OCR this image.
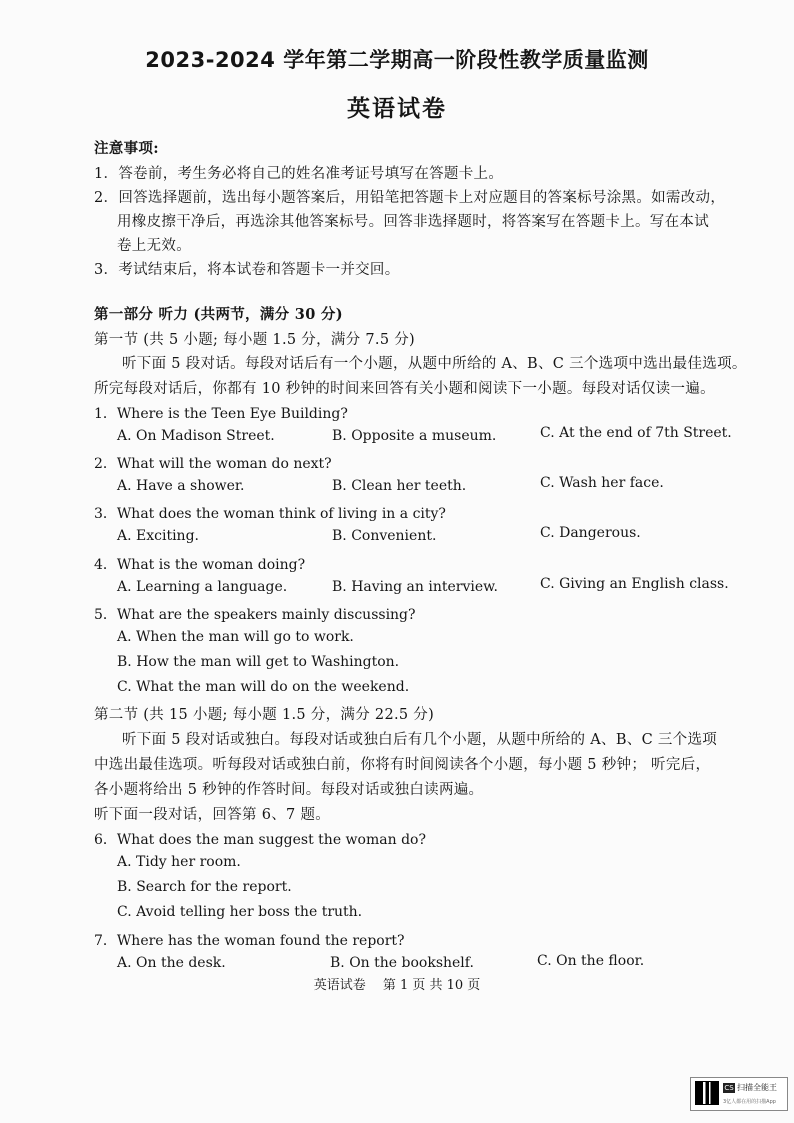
2023-2024 学年第二学期高一阶段性教学质量监测
英语试卷
注意事项:
1．答卷前，考生务必将自己的姓名准考证号填写在答题卡上。
2．回答选择题前，选出每小题答案后，用铅笔把答题卡上对应题目的答案标号涂黑。如需改动，
用橡皮擦干净后，再选涂其他答案标号。回答非选择题时，将答案写在答题卡上。写在本试
卷上无效。
3．考试结束后，将本试卷和答题卡一并交回。
第一部分 听力 (共两节，满分 30 分)
第一节 (共 5 小题; 每小题 1.5 分，满分 7.5 分)
听下面 5 段对话。每段对话后有一个小题，从题中所给的 A、B、C 三个选项中选出最佳选项。
所完每段对话后，你都有 10 秒钟的时间来回答有关小题和阅读下一小题。每段对话仅读一遍。
1．Where is the Teen Eye Building?
A. On Madison Street.	B. Opposite a museum.	C. At the end of 7th Street.
2．What will the woman do next?
A. Have a shower.	B. Clean her teeth.	C. Wash her face.
3．What does the woman think of living in a city?
A. Exciting.	B. Convenient.	C. Dangerous.
4．What is the woman doing?
A. Learning a language.	B. Having an interview.	C. Giving an English class.
5．What are the speakers mainly discussing?
A. When the man will go to work.
B. How the man will get to Washington.
C. What the man will do on the weekend.
第二节 (共 15 小题; 每小题 1.5 分，满分 22.5 分)
听下面 5 段对话或独白。每段对话或独白后有几个小题，从题中所给的 A、B、C 三个选项
中选出最佳选项。听每段对话或独白前，你将有时间阅读各个小题，每小题 5 秒钟； 听完后，
各小题将给出 5 秒钟的作答时间。每段对话或独白读两遍。
听下面一段对话，回答第 6、7 题。
6．What does the man suggest the woman do?
A. Tidy her room.
B. Search for the report.
C. Avoid telling her boss the truth.
7．Where has the woman found the report?
A. On the desk.	B. On the bookshelf.	C. On the floor.
英语试卷　 第 1 页 共 10 页
CS 扫描全能王
3亿人都在用的扫描App
